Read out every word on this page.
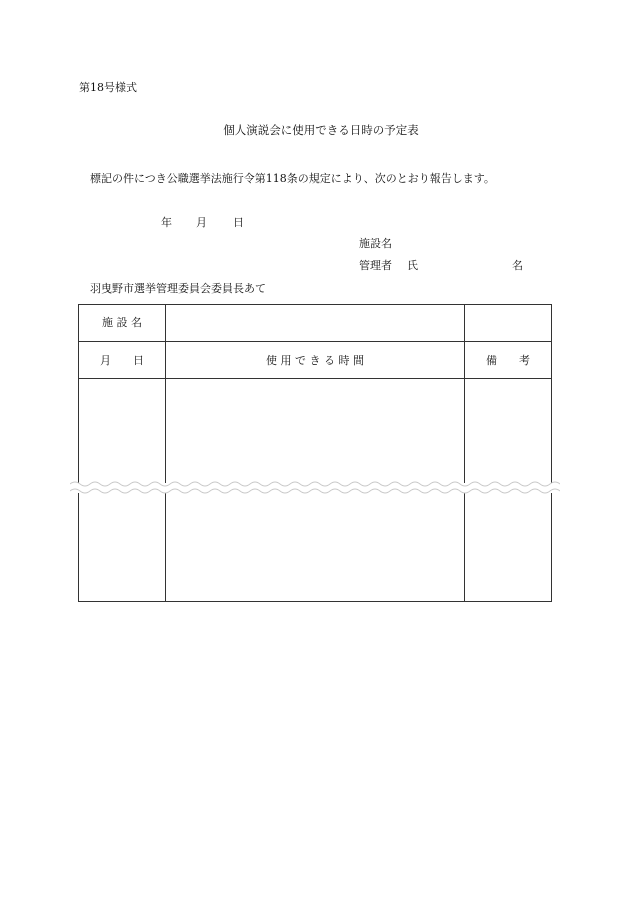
第18号様式
個人演説会に使用できる日時の予定表
標記の件につき公職選挙法施行令第118条の規定により、次のとおり報告します。
年 月 日
施設名
管理者 氏	名
羽曳野市選挙管理委員会委員長あて
施 設 名
月　　日	使 用 で き る 時 間	備　　考
